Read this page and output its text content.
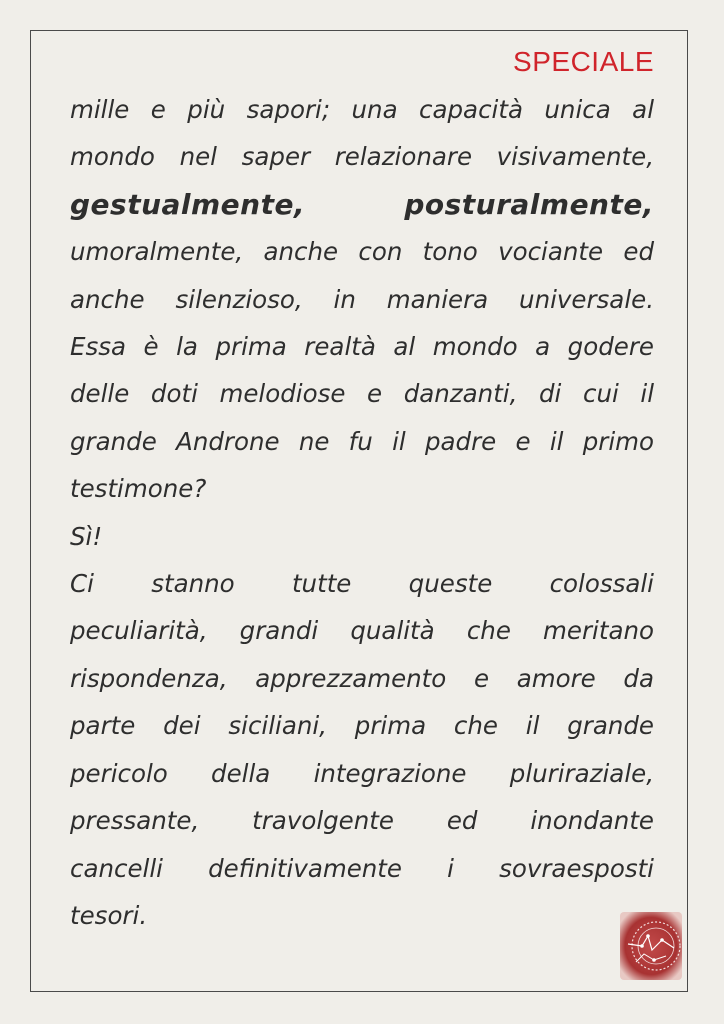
SPECIALE
mille e più sapori; una capacità unica al
mondo nel saper relazionare visivamente,
gestualmente, posturalmente,
umoralmente, anche con tono vociante ed
anche silenzioso, in maniera universale.
Essa è la prima realtà al mondo a godere
delle doti melodiose e danzanti, di cui il
grande Androne ne fu il padre e il primo
testimone?
Sì!
Ci stanno tutte queste colossali
peculiarità, grandi qualità che meritano
rispondenza, apprezzamento e amore da
parte dei siciliani, prima che il grande
pericolo della integrazione pluriraziale,
pressante, travolgente ed inondante
cancelli definitivamente i sovraesposti
tesori.
